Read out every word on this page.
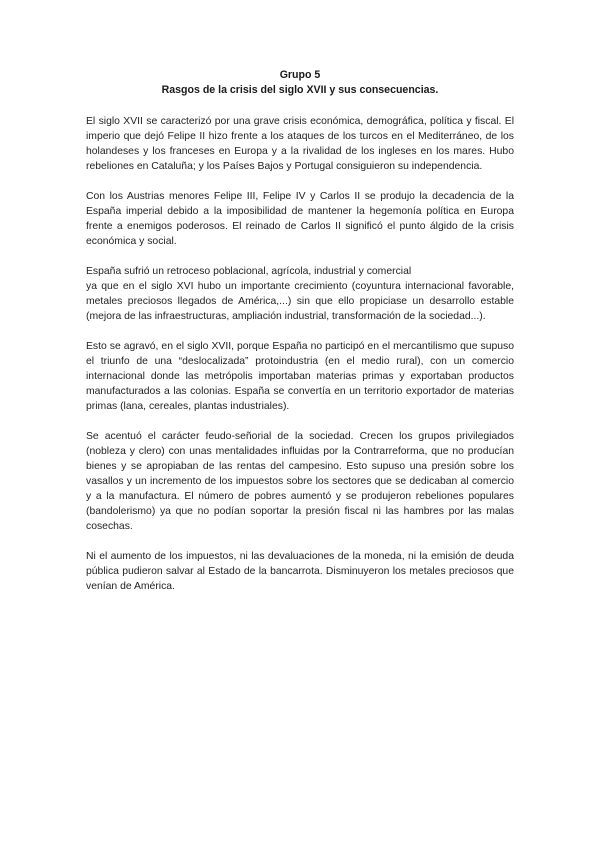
Grupo 5
Rasgos de la crisis del siglo XVII y sus consecuencias.

El siglo XVII se caracterizó por una grave crisis económica, demográfica, política y fiscal. El imperio que dejó Felipe II hizo frente a los ataques de los turcos en el Mediterráneo, de los holandeses y los franceses en Europa y a la rivalidad de los ingleses en los mares. Hubo rebeliones en Cataluña; y los Países Bajos y Portugal consiguieron su independencia.

Con los Austrias menores Felipe III, Felipe IV y Carlos II se produjo la decadencia de la España imperial debido a la imposibilidad de mantener la hegemonía política en Europa frente a enemigos poderosos. El reinado de Carlos II significó el punto álgido de la crisis económica y social.

España sufrió un retroceso poblacional, agrícola, industrial y comercial
ya que en el siglo XVI hubo un importante crecimiento (coyuntura internacional favorable, metales preciosos llegados de América,...) sin que ello propiciase un desarrollo estable (mejora de las infraestructuras, ampliación industrial, transformación de la sociedad...).

Esto se agravó, en el siglo XVII, porque España no participó en el mercantilismo que supuso el triunfo de una “deslocalizada” protoindustria (en el medio rural), con un comercio internacional donde las metrópolis importaban materias primas y exportaban productos manufacturados a las colonias. España se convertía en un territorio exportador de materias primas (lana, cereales, plantas industriales).

Se acentuó el carácter feudo-señorial de la sociedad. Crecen los grupos privilegiados (nobleza y clero) con unas mentalidades influidas por la Contrarreforma, que no producían bienes y se apropiaban de las rentas del campesino. Esto supuso una presión sobre los vasallos y un incremento de los impuestos sobre los sectores que se dedicaban al comercio y a la manufactura. El número de pobres aumentó y se produjeron rebeliones populares (bandolerismo) ya que no podían soportar la presión fiscal ni las hambres por las malas cosechas.

Ni el aumento de los impuestos, ni las devaluaciones de la moneda, ni la emisión de deuda pública pudieron salvar al Estado de la bancarrota. Disminuyeron los metales preciosos que venían de América.
